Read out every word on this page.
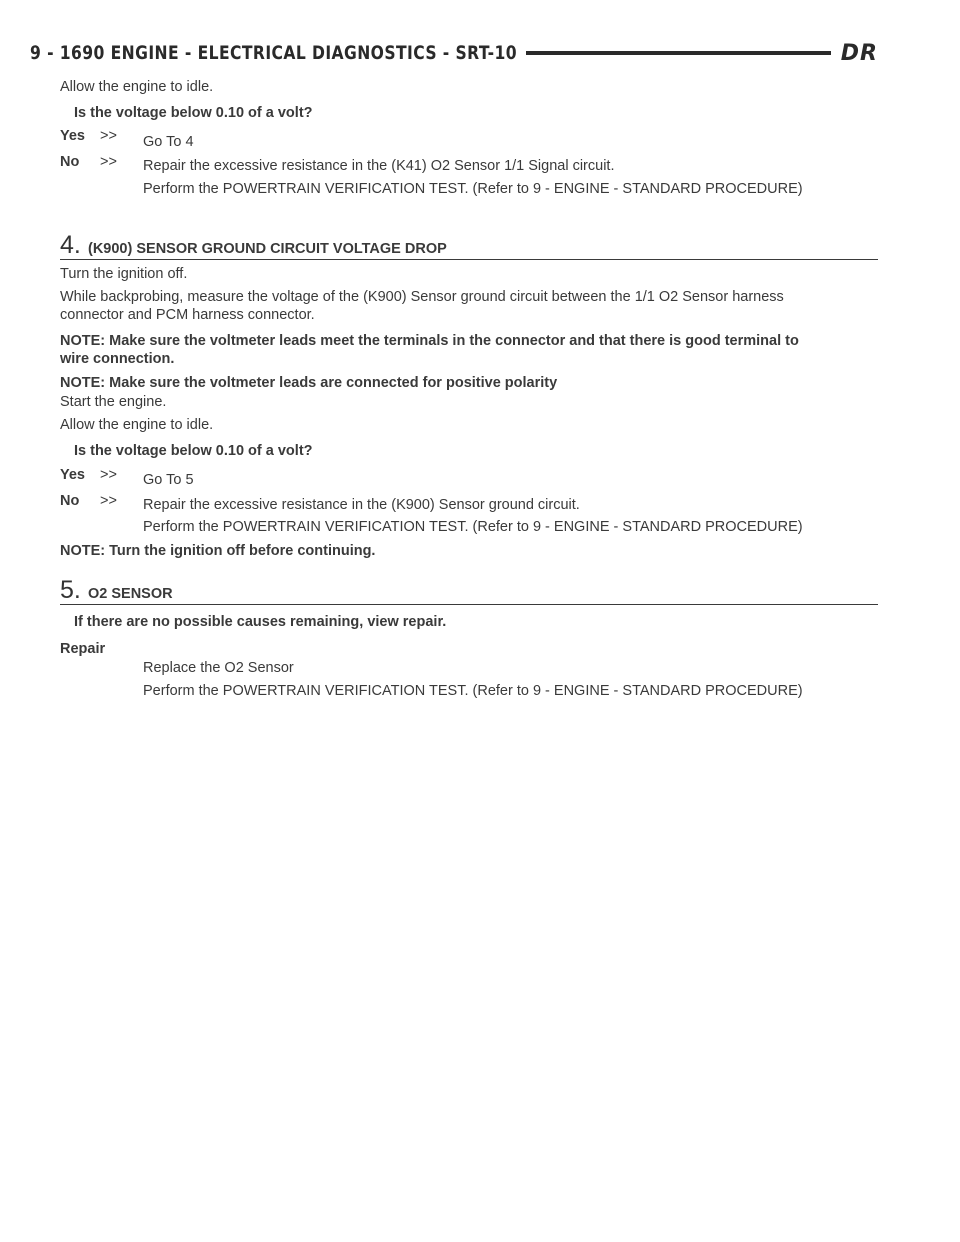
9 - 1690 ENGINE - ELECTRICAL DIAGNOSTICS - SRT-10	DR
Allow the engine to idle.
Is the voltage below 0.10 of a volt?
Yes >> Go To 4
No >> Repair the excessive resistance in the (K41) O2 Sensor 1/1 Signal circuit.
Perform the POWERTRAIN VERIFICATION TEST. (Refer to 9 - ENGINE - STANDARD PROCEDURE)
4. (K900) SENSOR GROUND CIRCUIT VOLTAGE DROP
Turn the ignition off.
While backprobing, measure the voltage of the (K900) Sensor ground circuit between the 1/1 O2 Sensor harness
connector and PCM harness connector.
NOTE: Make sure the voltmeter leads meet the terminals in the connector and that there is good terminal to
wire connection.
NOTE: Make sure the voltmeter leads are connected for positive polarity
Start the engine.
Allow the engine to idle.
Is the voltage below 0.10 of a volt?
Yes >> Go To 5
No >> Repair the excessive resistance in the (K900) Sensor ground circuit.
Perform the POWERTRAIN VERIFICATION TEST. (Refer to 9 - ENGINE - STANDARD PROCEDURE)
NOTE: Turn the ignition off before continuing.
5. O2 SENSOR
If there are no possible causes remaining, view repair.
Repair
Replace the O2 Sensor
Perform the POWERTRAIN VERIFICATION TEST. (Refer to 9 - ENGINE - STANDARD PROCEDURE)
